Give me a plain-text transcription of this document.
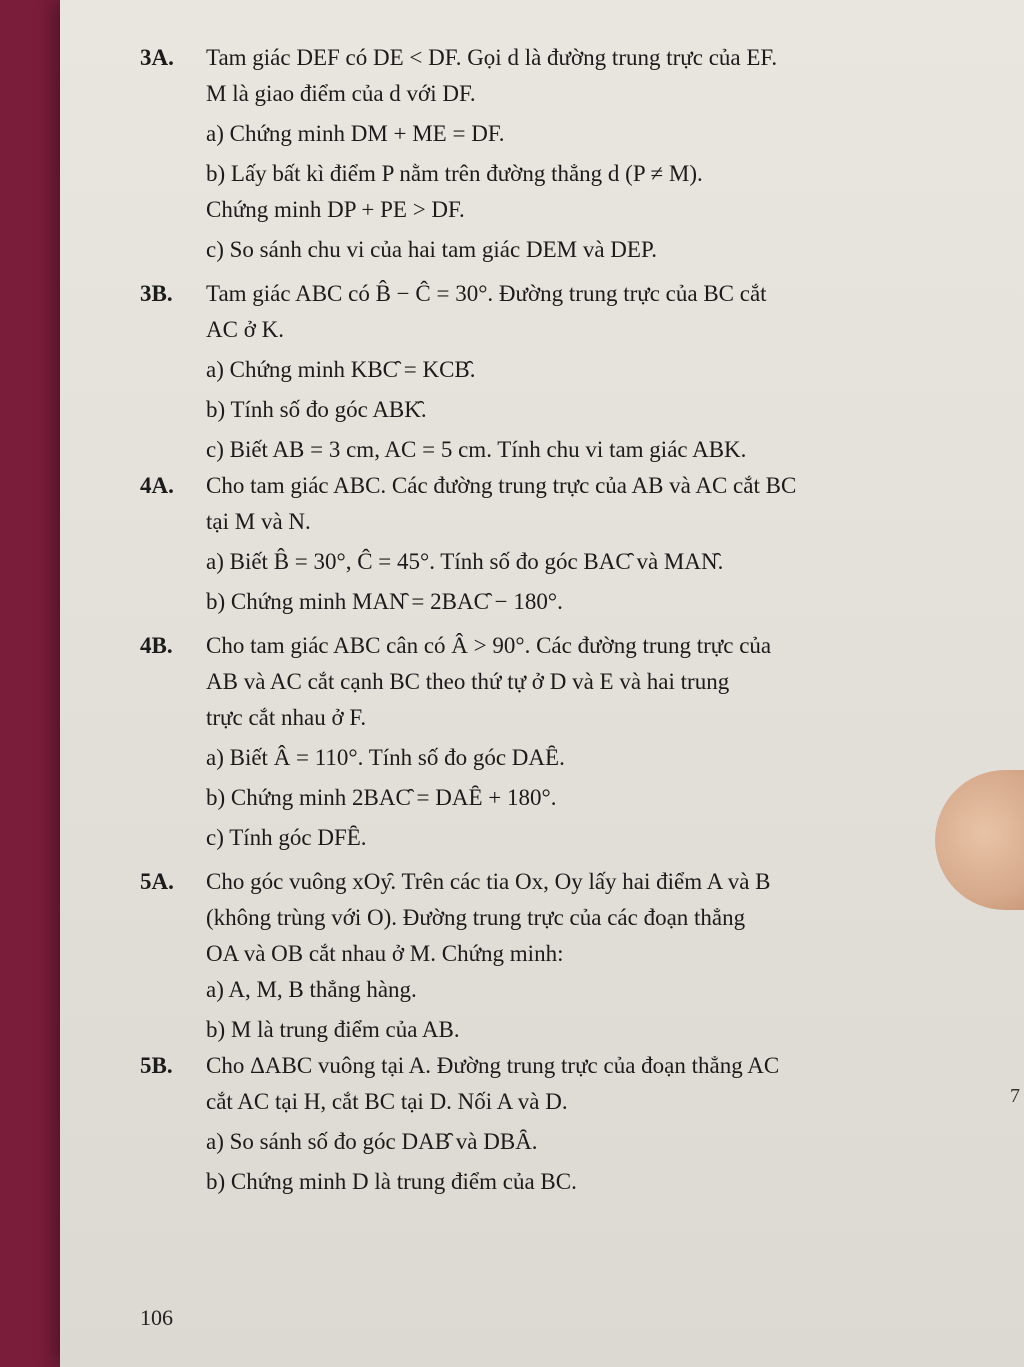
3A. Tam giác DEF có DE < DF. Gọi d là đường trung trực của EF.
M là giao điểm của d với DF.
a) Chứng minh DM + ME = DF.
b) Lấy bất kì điểm P nằm trên đường thẳng d (P ≠ M).
Chứng minh DP + PE > DF.
c) So sánh chu vi của hai tam giác DEM và DEP.
3B. Tam giác ABC có B̂ − Ĉ = 30°. Đường trung trực của BC cắt
AC ở K.
a) Chứng minh KBC̑ = KCB̑.
b) Tính số đo góc ABK̑.
c) Biết AB = 3 cm, AC = 5 cm. Tính chu vi tam giác ABK.
4A. Cho tam giác ABC. Các đường trung trực của AB và AC cắt BC
tại M và N.
a) Biết B̂ = 30°, Ĉ = 45°. Tính số đo góc BAC̑ và MAN̑.
b) Chứng minh MAN̑ = 2BAC̑ − 180°.
4B. Cho tam giác ABC cân có Â > 90°. Các đường trung trực của
AB và AC cắt cạnh BC theo thứ tự ở D và E và hai trung
trực cắt nhau ở F.
a) Biết Â = 110°. Tính số đo góc DAȆ.
b) Chứng minh 2BAC̑ = DAȆ + 180°.
c) Tính góc DFȆ.
5A. Cho góc vuông xOy̑. Trên các tia Ox, Oy lấy hai điểm A và B
(không trùng với O). Đường trung trực của các đoạn thẳng
OA và OB cắt nhau ở M. Chứng minh:
a) A, M, B thẳng hàng.
b) M là trung điểm của AB.
5B. Cho ΔABC vuông tại A. Đường trung trực của đoạn thẳng AC
cắt AC tại H, cắt BC tại D. Nối A và D.
a) So sánh số đo góc DAB̑ và DBȂ.
b) Chứng minh D là trung điểm của BC.
106
7
